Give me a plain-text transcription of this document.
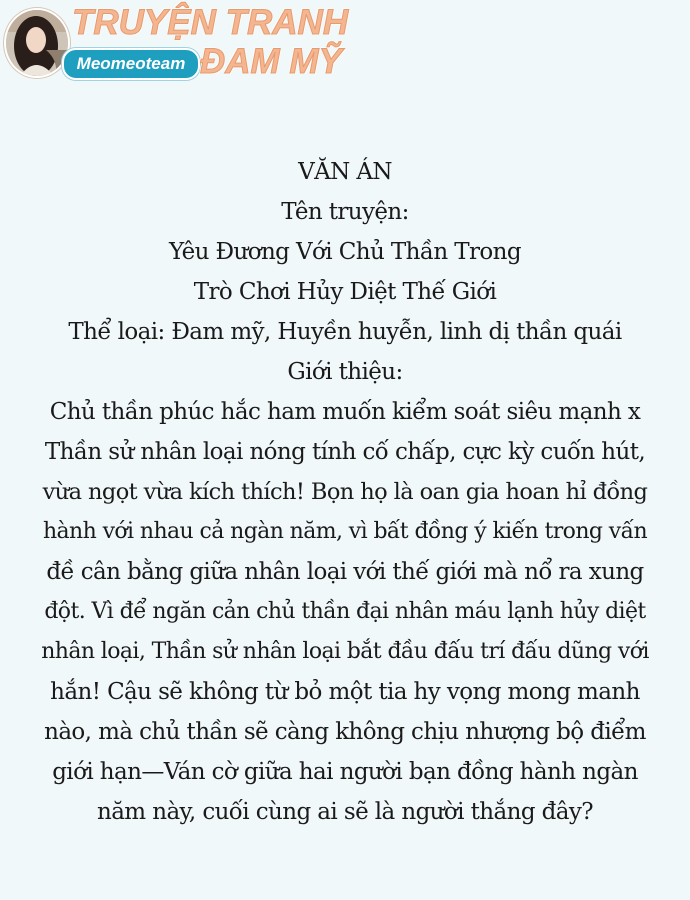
TRUYỆN TRANH
Meomeoteam ĐAM MỸ
VĂN ÁN
Tên truyện:
Yêu Đương Với Chủ Thần Trong
Trò Chơi Hủy Diệt Thế Giới
Thể loại: Đam mỹ, Huyền huyễn, linh dị thần quái
Giới thiệu:
Chủ thần phúc hắc ham muốn kiểm soát siêu mạnh x
Thần sử nhân loại nóng tính cố chấp, cực kỳ cuốn hút,
vừa ngọt vừa kích thích! Bọn họ là oan gia hoan hỉ đồng
hành với nhau cả ngàn năm, vì bất đồng ý kiến trong vấn
đề cân bằng giữa nhân loại với thế giới mà nổ ra xung
đột. Vì để ngăn cản chủ thần đại nhân máu lạnh hủy diệt
nhân loại, Thần sử nhân loại bắt đầu đấu trí đấu dũng với
hắn! Cậu sẽ không từ bỏ một tia hy vọng mong manh
nào, mà chủ thần sẽ càng không chịu nhượng bộ điểm
giới hạn—Ván cờ giữa hai người bạn đồng hành ngàn
năm này, cuối cùng ai sẽ là người thắng đây?
